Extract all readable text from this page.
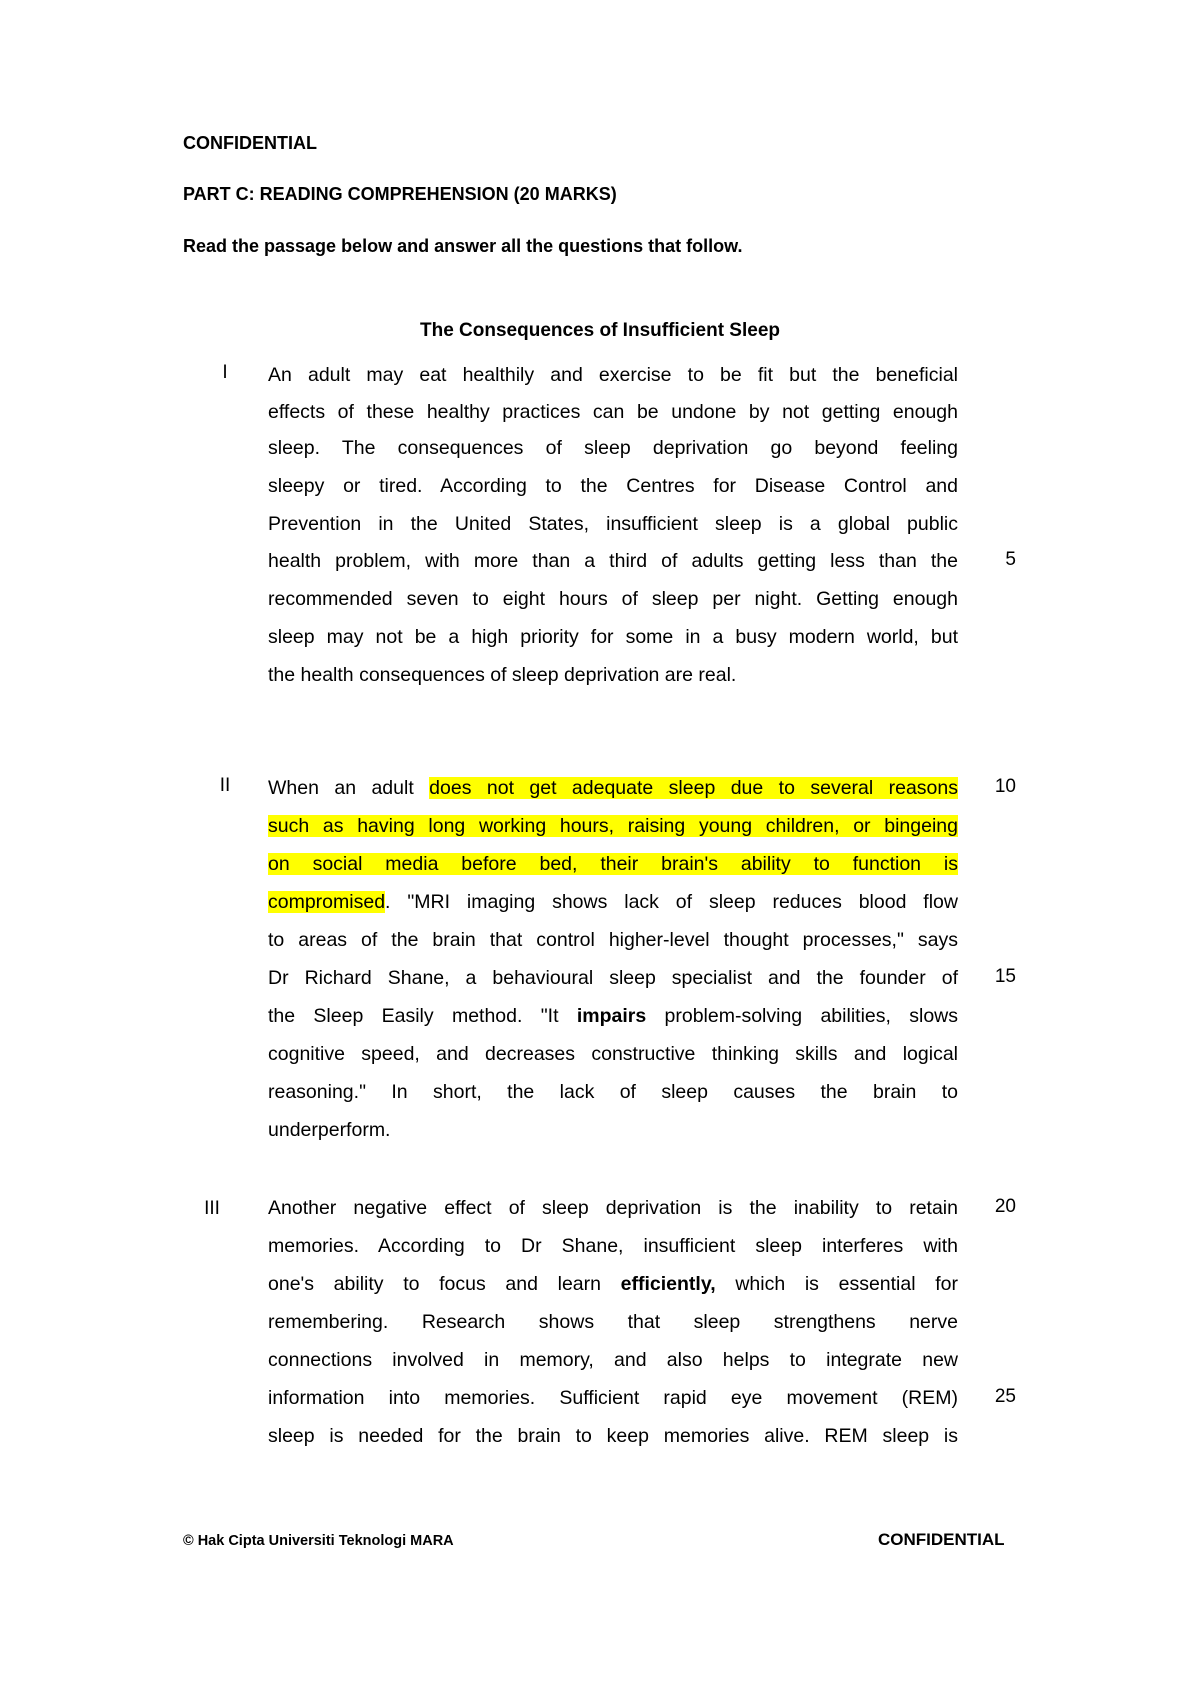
CONFIDENTIAL
PART C: READING COMPREHENSION (20 MARKS)
Read the passage below and answer all the questions that follow.
The Consequences of Insufficient Sleep
I	An adult may eat healthily and exercise to be fit but the beneficial
effects of these healthy practices can be undone by not getting enough
sleep. The consequences of sleep deprivation go beyond feeling
sleepy or tired. According to the Centres for Disease Control and
Prevention in the United States, insufficient sleep is a global public
health problem, with more than a third of adults getting less than the
recommended seven to eight hours of sleep per night. Getting enough
sleep may not be a high priority for some in a busy modern world, but
the health consequences of sleep deprivation are real.
II	When an adult does not get adequate sleep due to several reasons
such as having long working hours, raising young children, or bingeing
on social media before bed, their brain's ability to function is
compromised. "MRI imaging shows lack of sleep reduces blood flow
to areas of the brain that control higher-level thought processes," says
Dr Richard Shane, a behavioural sleep specialist and the founder of
the Sleep Easily method. "It impairs problem-solving abilities, slows
cognitive speed, and decreases constructive thinking skills and logical
reasoning." In short, the lack of sleep causes the brain to
underperform.
III	Another negative effect of sleep deprivation is the inability to retain
memories. According to Dr Shane, insufficient sleep interferes with
one's ability to focus and learn efficiently, which is essential for
remembering. Research shows that sleep strengthens nerve
connections involved in memory, and also helps to integrate new
information into memories. Sufficient rapid eye movement (REM)
sleep is needed for the brain to keep memories alive. REM sleep is
5
10
15
20
25
© Hak Cipta Universiti Teknologi MARA	CONFIDENTIAL
